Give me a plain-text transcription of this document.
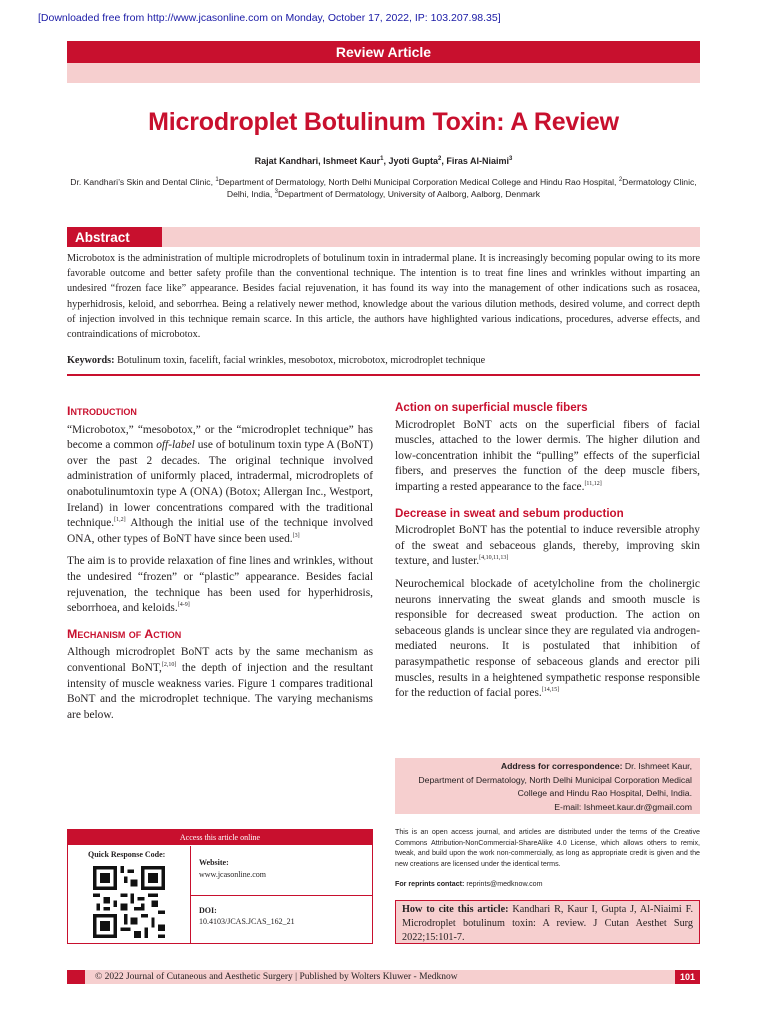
[Downloaded free from http://www.jcasonline.com on Monday, October 17, 2022, IP: 103.207.98.35]
Review Article
Microdroplet Botulinum Toxin: A Review
Rajat Kandhari, Ishmeet Kaur$^1$, Jyoti Gupta$^2$, Firas Al-Niaimi$^3$
Dr. Kandhari’s Skin and Dental Clinic, $^1$Department of Dermatology, North Delhi Municipal Corporation Medical College and Hindu Rao Hospital, $^2$Dermatology Clinic, Delhi, India, $^3$Department of Dermatology, University of Aalborg, Aalborg, Denmark
Abstract
Microbotox is the administration of multiple microdroplets of botulinum toxin in intradermal plane. It is increasingly becoming popular owing to its more favorable outcome and better safety profile than the conventional technique. The intention is to treat fine lines and wrinkles without imparting an undesired “frozen face like” appearance. Besides facial rejuvenation, it has found its way into the management of other indications such as rosacea, hyperhidrosis, keloid, and seborrhea. Being a relatively newer method, knowledge about the various dilution methods, desired volume, and correct depth of injection involved in this technique remain scarce. In this article, the authors have highlighted various indications, procedures, adverse effects, and contraindications of microbotox.
Keywords: Botulinum toxin, facelift, facial wrinkles, mesobotox, microbotox, microdroplet technique
Introduction

“Microbotox,” “mesobotox,” or the “microdroplet technique” has become a common off-label use of botulinum toxin type A (BoNT) over the past 2 decades. The original technique involved administration of uniformly placed, intradermal, microdroplets of onabotulinumtoxin type A (ONA) (Botox; Allergan Inc., Westport, Ireland) in lower concentrations compared with the traditional technique.[1,2] Although the initial use of the technique involved ONA, other types of BoNT have since been used.[3]

The aim is to provide relaxation of fine lines and wrinkles, without the undesired “frozen” or “plastic” appearance. Besides facial rejuvenation, the technique has been used for hyperhidrosis, seborrhoea, and keloids.[4-9]

Mechanism of Action

Although microdroplet BoNT acts by the same mechanism as conventional BoNT,[2,10] the depth of injection and the resultant intensity of muscle weakness varies. Figure 1 compares traditional BoNT and the microdroplet technique. The varying mechanisms are below.

Action on superficial muscle fibers

Microdroplet BoNT acts on the superficial fibers of facial muscles, attached to the lower dermis. The higher dilution and low-concentration inhibit the “pulling” effects of the superficial fibers, and preserves the function of the deep muscle fibers, imparting a rested appearance to the face.[11,12]

Decrease in sweat and sebum production

Microdroplet BoNT has the potential to induce reversible atrophy of the sweat and sebaceous glands, thereby, improving skin texture, and luster.[4,10,11,13]

Neurochemical blockade of acetylcholine from the cholinergic neurons innervating the sweat glands and smooth muscle is responsible for decreased sweat production. The action on sebaceous glands is unclear since they are regulated via androgen-mediated neurons. It is postulated that inhibition of parasympathetic response of sebaceous glands and erector pili muscles, results in a heightened sympathetic response responsible for the reduction of facial pores.[14,15]

Address for correspondence: Dr. Ishmeet Kaur,
Department of Dermatology, North Delhi Municipal Corporation Medical
College and Hindu Rao Hospital, Delhi, India.
E-mail: Ishmeet.kaur.dr@gmail.com
Access this article online
Quick Response Code:
Website:
www.jcasonline.com
DOI:
10.4103/JCAS.JCAS_162_21
This is an open access journal, and articles are distributed under the terms of the Creative Commons Attribution‑NonCommercial‑ShareAlike 4.0 License, which allows others to remix, tweak, and build upon the work non‑commercially, as long as appropriate credit is given and the new creations are licensed under the identical terms.
For reprints contact: reprints@medknow.com
How to cite this article: Kandhari R, Kaur I, Gupta J, Al-Niaimi F. Microdroplet botulinum toxin: A review. J Cutan Aesthet Surg 2022;15:101-7.
© 2022 Journal of Cutaneous and Aesthetic Surgery | Published by Wolters Kluwer - Medknow	101
